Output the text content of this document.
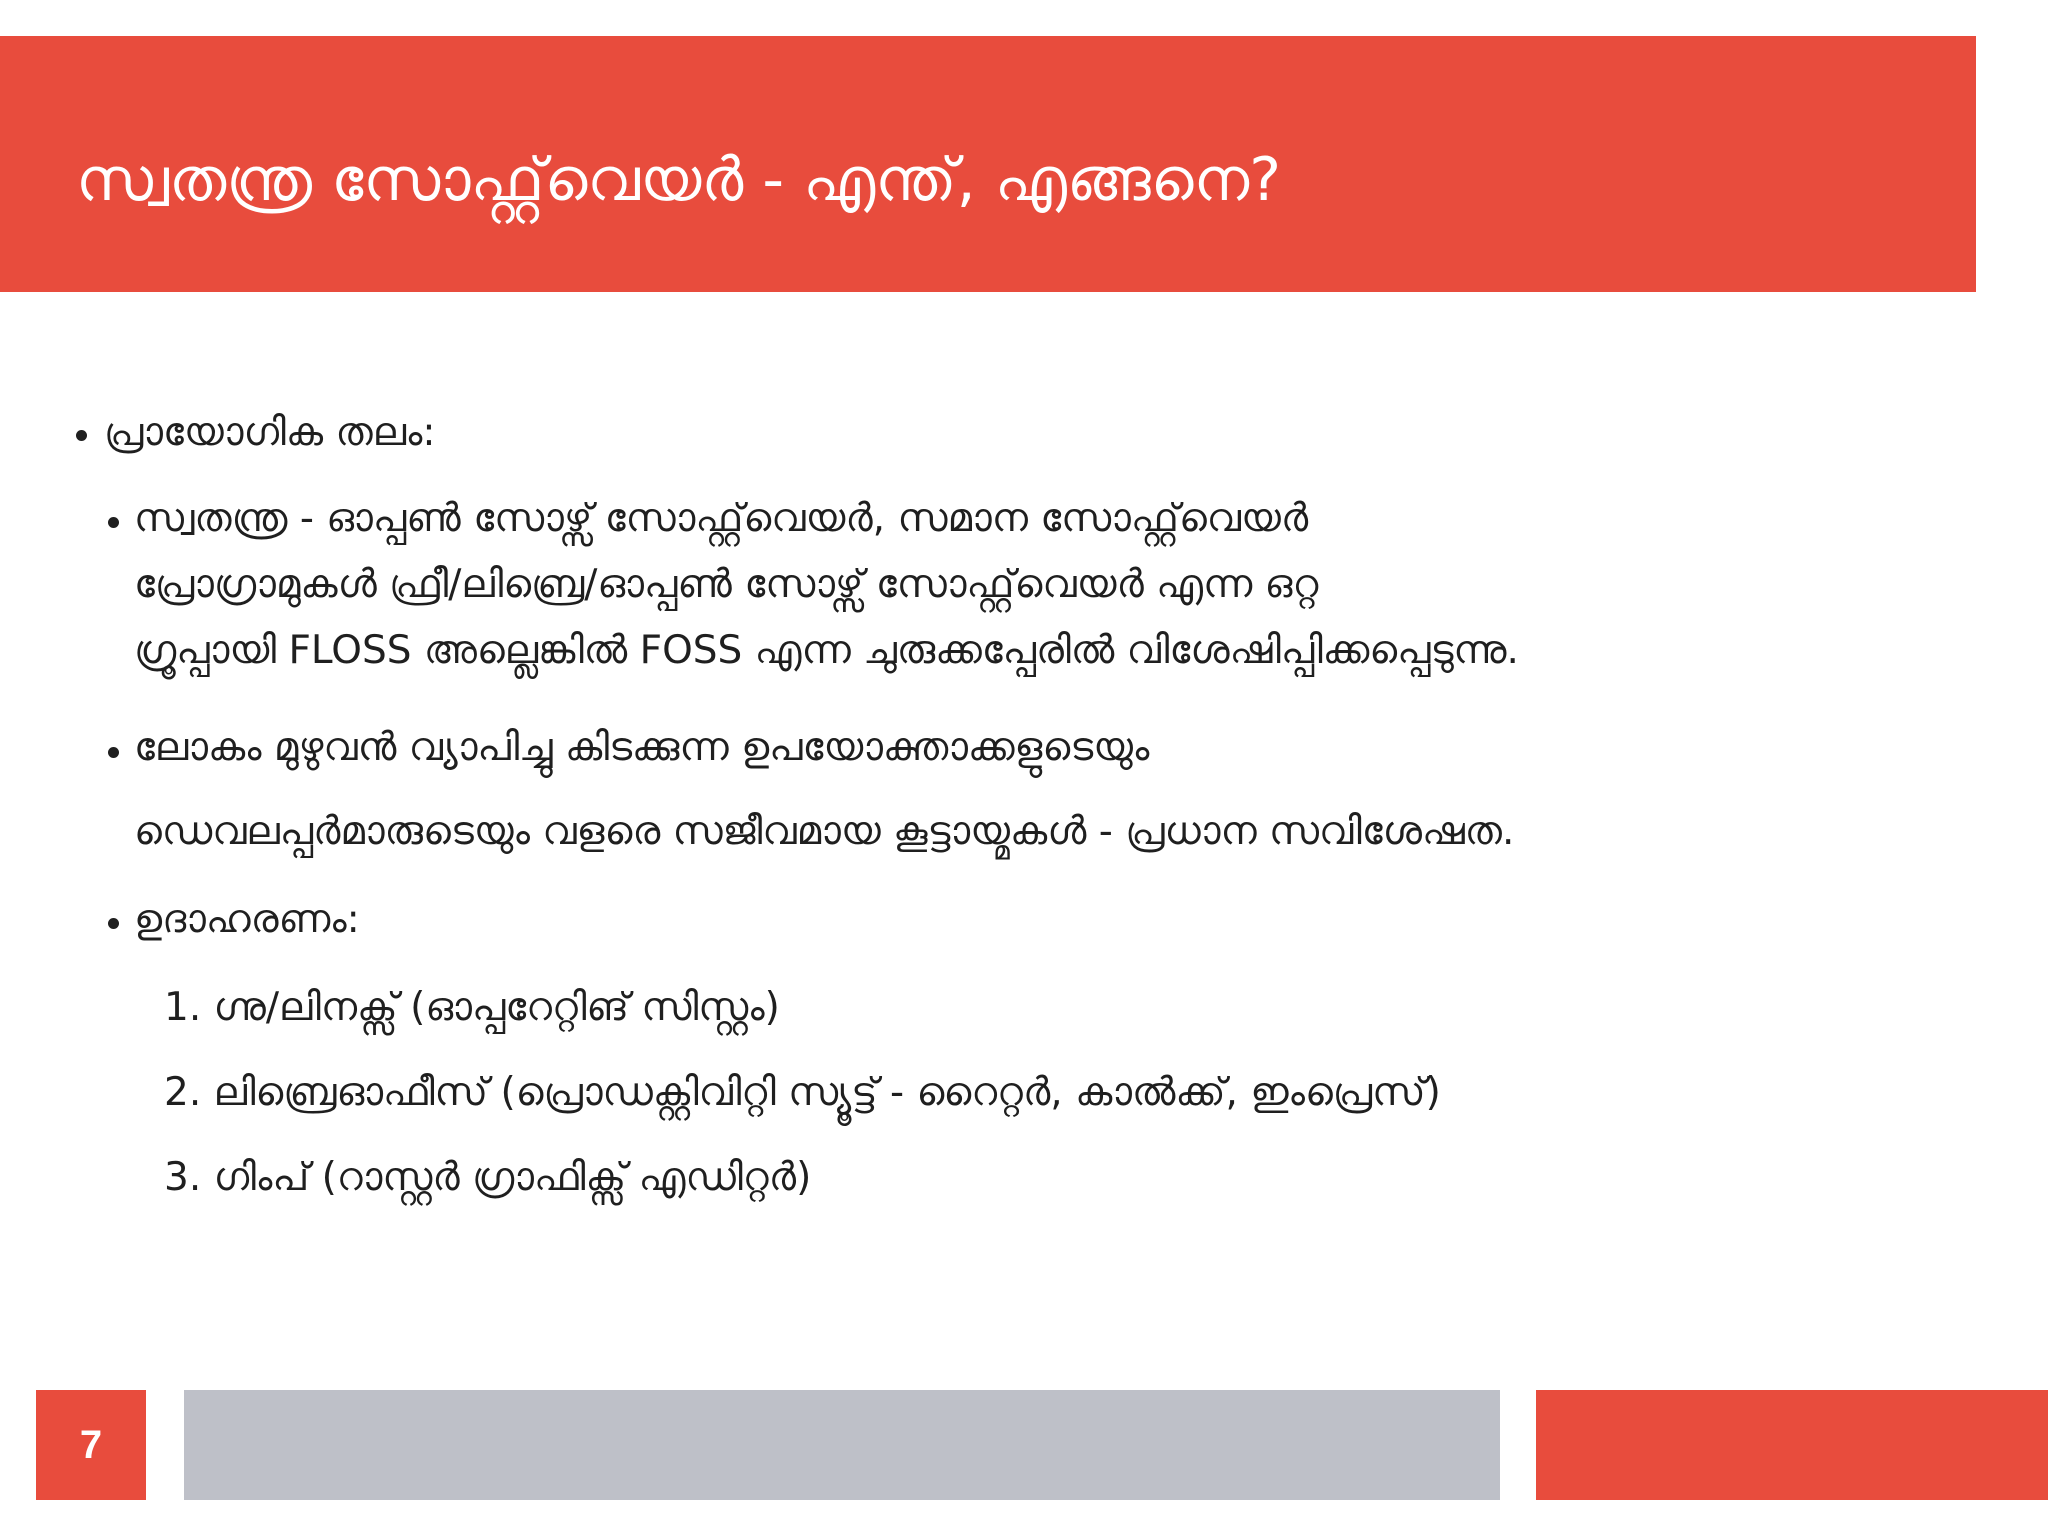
സ്വതന്ത്ര സോഫ്റ്റ്‌വെയർ - എന്ത്, എങ്ങനെ?
പ്രായോഗിക തലം:
സ്വതന്ത്ര - ഓപ്പൺ സോഴ്സ് സോഫ്റ്റ്‌വെയർ, സമാന സോഫ്റ്റ്‌വെയർ
പ്രോഗ്രാമുകൾ ഫ്രീ/ലിബ്രെ/ഓപ്പൺ സോഴ്സ് സോഫ്റ്റ്‌വെയർ എന്ന ഒറ്റ
ഗ്രൂപ്പായി FLOSS അല്ലെങ്കിൽ FOSS എന്ന ചുരുക്കപ്പേരിൽ വിശേഷിപ്പിക്കപ്പെടുന്നു.
ലോകം മുഴുവൻ വ്യാപിച്ചു കിടക്കുന്ന ഉപയോക്താക്കളുടെയും
ഡെവലപ്പർമാരുടെയും വളരെ സജീവമായ കൂട്ടായ്മകൾ - പ്രധാന സവിശേഷത.
ഉദാഹരണം:
1. ഗ്നു/ലിനക്സ് (ഓപ്പറേറ്റിങ് സിസ്റ്റം)
2. ലിബ്രെഓഫീസ് (പ്രൊഡക്റ്റിവിറ്റി സ്യൂട്ട് - റൈറ്റർ, കാൽക്ക്, ഇംപ്രെസ്)
3. ഗിംപ് (റാസ്റ്റർ ഗ്രാഫിക്സ് എഡിറ്റർ)
7
